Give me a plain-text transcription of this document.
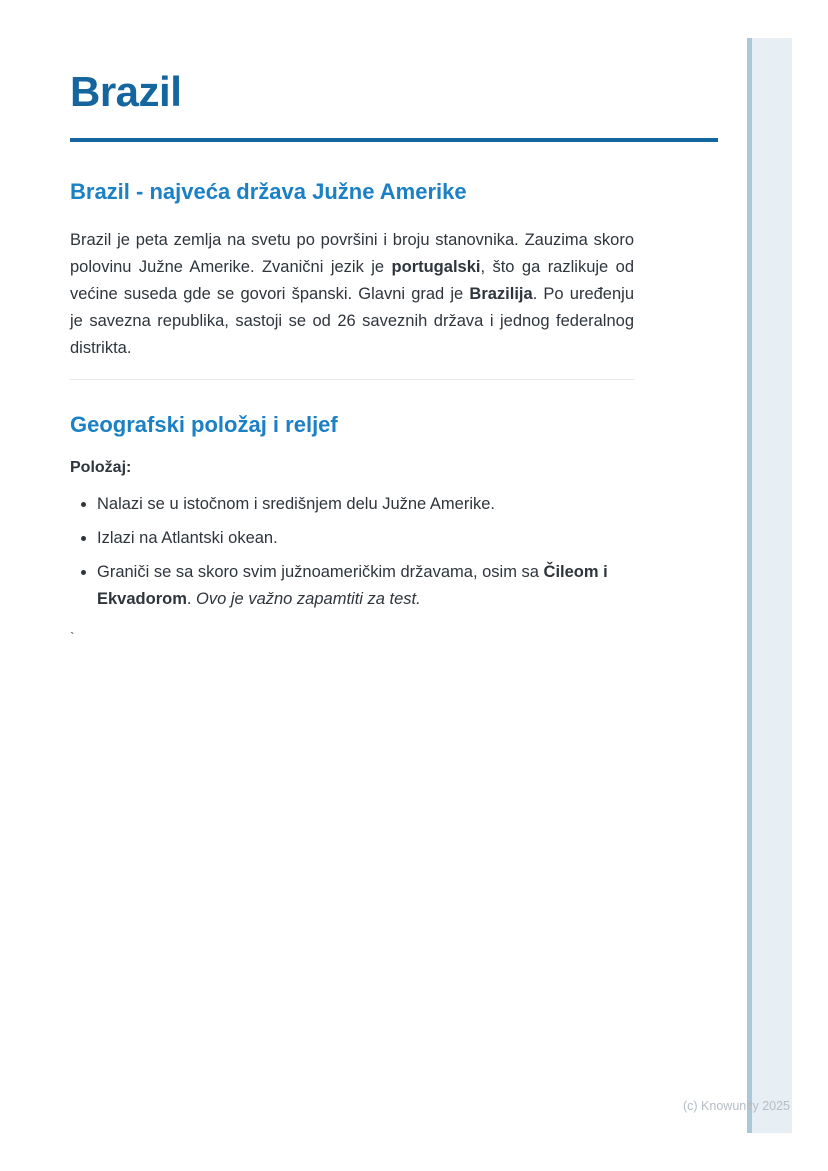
Brazil
Brazil - najveća država Južne Amerike

Brazil je peta zemlja na svetu po površini i broju stanovnika. Zauzima skoro polovinu Južne Amerike. Zvanični jezik je portugalski, što ga razlikuje od većine suseda gde se govori španski. Glavni grad je Brazilija. Po uređenju je savezna republika, sastoji se od 26 saveznih država i jednog federalnog distrikta.

Geografski položaj i reljef

Položaj:

• Nalazi se u istočnom i središnjem delu Južne Amerike.
• Izlazi na Atlantski okean.
• Graniči se sa skoro svim južnoameričkim državama, osim sa Čileom i Ekvadorom. Ovo je važno zapamtiti za test.

`

(c) Knowunity 2025
